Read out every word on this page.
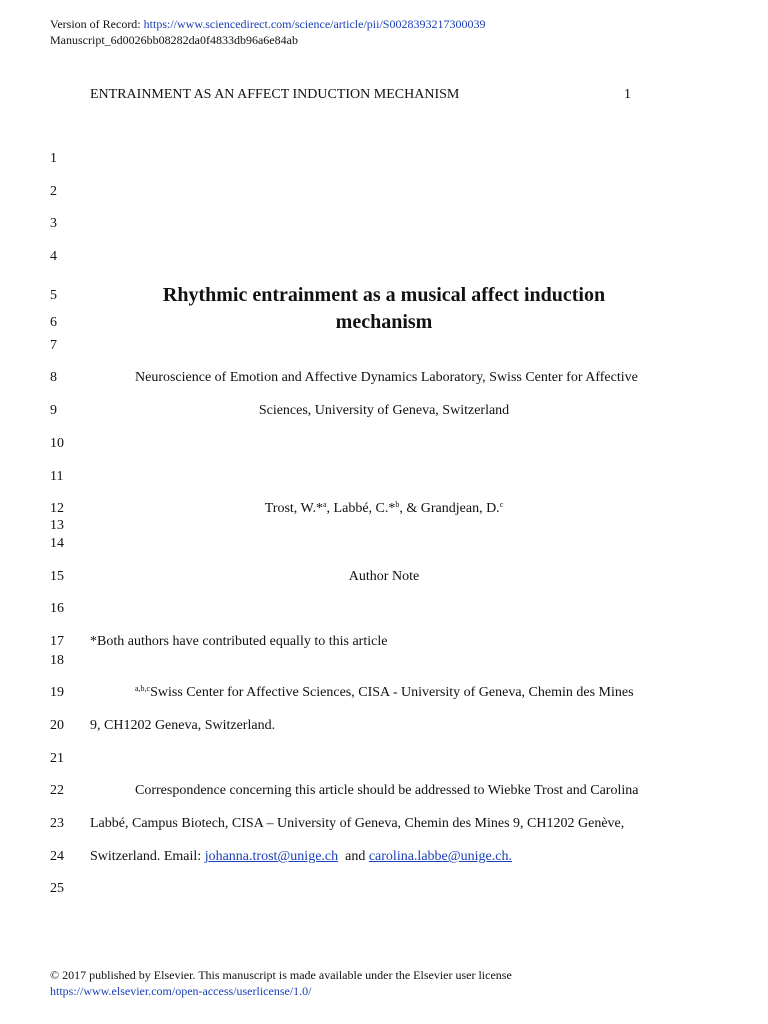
Version of Record: https://www.sciencedirect.com/science/article/pii/S0028393217300039
Manuscript_6d0026bb08282da0f4833db96a6e84ab
ENTRAINMENT AS AN AFFECT INDUCTION MECHANISM	1
1
2
3
4
5
6
7
8
9
10
11
12
13
14
15
16
17
18
19
20
21
22
23
24
25
Rhythmic entrainment as a musical affect induction
mechanism
Neuroscience of Emotion and Affective Dynamics Laboratory, Swiss Center for Affective
Sciences, University of Geneva, Switzerland
Trost, W.*$^a$, Labbé, C.*$^b$, & Grandjean, D.$^c$
Author Note
*Both authors have contributed equally to this article
$^{a,b,c}$Swiss Center for Affective Sciences, CISA - University of Geneva, Chemin des Mines
9, CH1202 Geneva, Switzerland.
Correspondence concerning this article should be addressed to Wiebke Trost and Carolina
Labbé, Campus Biotech, CISA – University of Geneva, Chemin des Mines 9, CH1202 Genève,
Switzerland. Email: johanna.trost@unige.ch  and carolina.labbe@unige.ch.
© 2017 published by Elsevier. This manuscript is made available under the Elsevier user license
https://www.elsevier.com/open-access/userlicense/1.0/
